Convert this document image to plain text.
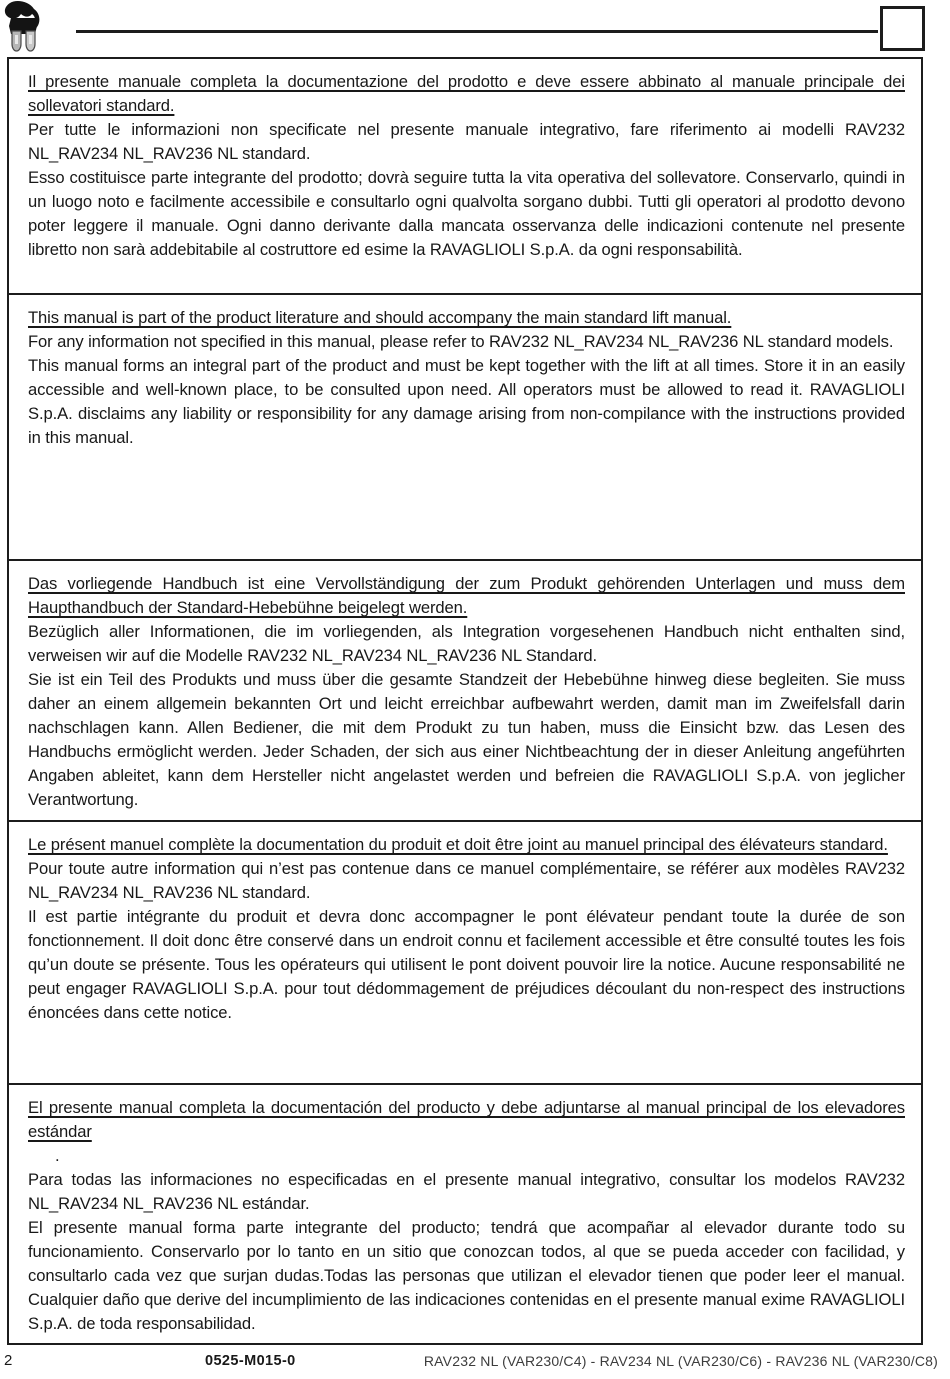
Il presente manuale completa la documentazione del prodotto e deve essere abbinato al manuale principale dei sollevatori standard.

Per tutte le informazioni non specificate nel presente manuale integrativo, fare riferimento ai modelli RAV232 NL_RAV234 NL_RAV236 NL standard.

Esso costituisce parte integrante del prodotto; dovrà seguire tutta la vita operativa del sollevatore. Conservarlo, quindi in un luogo noto e facilmente accessibile e consultarlo ogni qualvolta sorgano dubbi. Tutti gli operatori al prodotto devono poter leggere il manuale. Ogni danno derivante dalla mancata osservanza delle indicazioni contenute nel presente libretto non sarà addebitabile al costruttore ed esime la RAVAGLIOLI S.p.A. da ogni responsabilità.

This manual is part of the product literature and should accompany the main standard lift manual.

For any information not specified in this manual, please refer to RAV232 NL_RAV234 NL_RAV236 NL standard models.

This manual forms an integral part of the product and must be kept together with the lift at all times. Store it in an easily accessible and well-known place, to be consulted upon need. All operators must be allowed to read it. RAVAGLIOLI S.p.A. disclaims any liability or responsibility for any damage arising from non-compilance with the instructions provided in this manual.

Das vorliegende Handbuch ist eine Vervollständigung der zum Produkt gehörenden Unterlagen und muss dem Haupthandbuch der Standard-Hebebühne beigelegt werden.

Bezüglich aller Informationen, die im vorliegenden, als Integration vorgesehenen Handbuch nicht enthalten sind, verweisen wir auf die Modelle RAV232 NL_RAV234 NL_RAV236 NL Standard.

Sie ist ein Teil des Produkts und muss über die gesamte Standzeit der Hebebühne hinweg diese begleiten. Sie muss daher an einem allgemein bekannten Ort und leicht erreichbar aufbewahrt werden, damit man im Zweifelsfall darin nachschlagen kann. Allen Bediener, die mit dem Produkt zu tun haben, muss die Einsicht bzw. das Lesen des Handbuchs ermöglicht werden. Jeder Schaden, der sich aus einer Nichtbeachtung der in dieser Anleitung angeführten Angaben ableitet, kann dem Hersteller nicht angelastet werden und befreien die RAVAGLIOLI S.p.A. von jeglicher Verantwortung.

Le présent manuel complète la documentation du produit et doit être joint au manuel principal des élévateurs standard.

Pour toute autre information qui n’est pas contenue dans ce manuel complémentaire, se référer aux modèles RAV232 NL_RAV234 NL_RAV236 NL standard.

Il est partie intégrante du produit et devra donc accompagner le pont élévateur pendant toute la durée de son fonctionnement. Il doit donc être conservé dans un endroit connu et facilement accessible et être consulté toutes les fois qu’un doute se présente. Tous les opérateurs qui utilisent le pont doivent pouvoir lire la notice. Aucune responsabilité ne peut engager RAVAGLIOLI S.p.A. pour tout dédommagement de préjudices découlant du non-respect des instructions énoncées dans cette notice.

El presente manual completa la documentación del producto y debe adjuntarse al manual principal de los elevadores estándar

.

Para todas las informaciones no especificadas en el presente manual integrativo, consultar los modelos RAV232 NL_RAV234 NL_RAV236 NL estándar.

El presente manual forma parte integrante del producto; tendrá que acompañar al elevador durante todo su funcionamiento. Conservarlo por lo tanto en un sitio que conozcan todos, al que se pueda acceder con facilidad, y consultarlo cada vez que surjan dudas.Todas las personas que utilizan el elevador tienen que poder leer el manual. Cualquier daño que derive del incumplimiento de las indicaciones contenidas en el presente manual exime RAVAGLIOLI S.p.A. de toda responsabilidad.

2	0525-M015-0	RAV232 NL (VAR230/C4) - RAV234 NL (VAR230/C6) - RAV236 NL (VAR230/C8)
